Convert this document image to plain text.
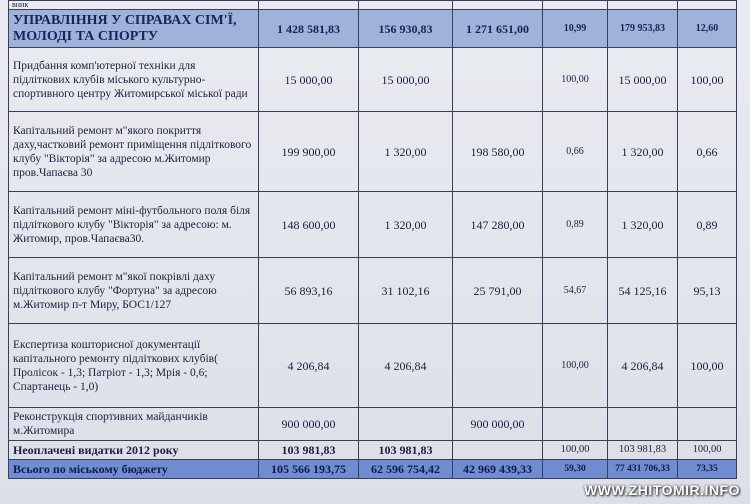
вник						
УПРАВЛІННЯ У СПРАВАХ СІМ'Ї, МОЛОДІ ТА СПОРТУ	1 428 581,83	156 930,83	1 271 651,00	10,99	179 953,83	12,60
Придбання комп'ютерної техніки для підліткових клубів міського культурно-спортивного центру Житомирської міської ради	15 000,00	15 000,00		100,00	15 000,00	100,00
Капітальний ремонт м"якого покриття даху,частковий ремонт приміщення підліткового клубу "Вікторія" за адресою м.Житомир пров.Чапаєва 30	199 900,00	1 320,00	198 580,00	0,66	1 320,00	0,66
Капітальний ремонт міні-футбольного поля біля підліткового клубу "Вікторія" за адресою: м. Житомир, пров.Чапаєва30.	148 600,00	1 320,00	147 280,00	0,89	1 320,00	0,89
Капітальний ремонт м"якої покрівлі даху підліткового клубу "Фортуна" за адресою м.Житомир п-т Миру, БОС1/127	56 893,16	31 102,16	25 791,00	54,67	54 125,16	95,13
Експертиза кошторисної документації капітального ремонту підліткових клубів( Пролісок - 1,3; Патріот - 1,3; Мрія - 0,6; Спартанець - 1,0)	4 206,84	4 206,84		100,00	4 206,84	100,00
Реконструкція спортивних майданчиків м.Житомира	900 000,00		900 000,00			
Неоплачені видатки 2012 року	103 981,83	103 981,83		100,00	103 981,83	100,00
Всього по міському бюджету	105 566 193,75	62 596 754,42	42 969 439,33	59,30	77 431 706,33	73,35
WWW.ZHITOMIR.INFO
